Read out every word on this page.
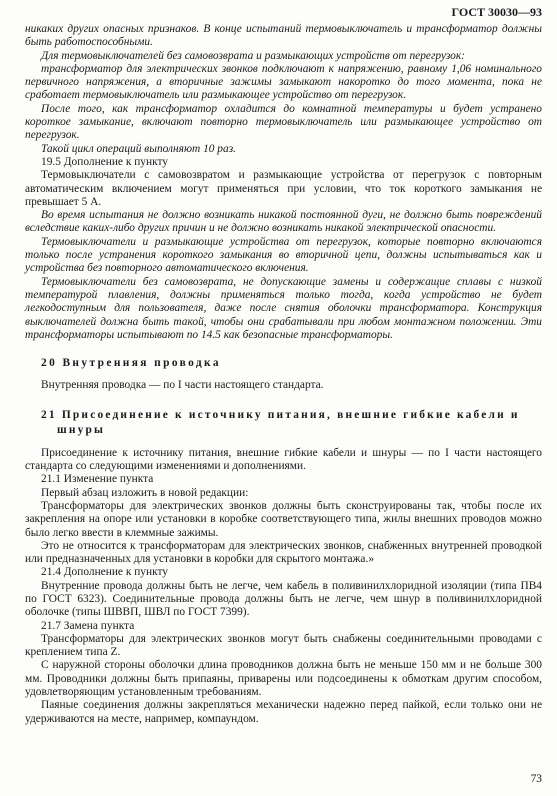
ГОСТ 30030—93

никаких других опасных признаков. В конце испытаний термовыключатель и трансформатор должны быть работоспособными.

Для термовыключателей без самовозврата и размыкающих устройств от перегрузок:

трансформатор для электрических звонков подключают к напряжению, равному 1,06 номинального первичного напряжения, а вторичные зажимы замыкают накоротко до того момента, пока не сработает термовыключатель или размыкающее устройство от перегрузок.

После того, как трансформатор охладится до комнатной температуры и будет устранено короткое замыкание, включают повторно термовыключатель или размыкающее устройство от перегрузок.

Такой цикл операций выполняют 10 раз.

19.5 Дополнение к пункту

Термовыключатели с самовозвратом и размыкающие устройства от перегрузок с повторным автоматическим включением могут применяться при условии, что ток короткого замыкания не превышает 5 А.

Во время испытания не должно возникать никакой постоянной дуги, не должно быть повреждений вследствие каких-либо других причин и не должно возникать никакой электрической опасности.

Термовыключатели и размыкающие устройства от перегрузок, которые повторно включаются только после устранения короткого замыкания во вторичной цепи, должны испытываться как и устройства без повторного автоматического включения.

Термовыключатели без самовозврата, не допускающие замены и содержащие сплавы с низкой температурой плавления, должны применяться только тогда, когда устройство не будет легкодоступным для пользователя, даже после снятия оболочки трансформатора. Конструкция выключателей должна быть такой, чтобы они срабатывали при любом монтажном положении. Эти трансформаторы испытывают по 14.5 как безопасные трансформаторы.

20 Внутренняя проводка

Внутренняя проводка — по I части настоящего стандарта.

21 Присоединение к источнику питания, внешние гибкие кабели и шнуры

Присоединение к источнику питания, внешние гибкие кабели и шнуры — по I части настоящего стандарта со следующими изменениями и дополнениями.

21.1 Изменение пункта

Первый абзац изложить в новой редакции:

Трансформаторы для электрических звонков должны быть сконструированы так, чтобы после их закрепления на опоре или установки в коробке соответствующего типа, жилы внешних проводов можно было легко ввести в клеммные зажимы.

Это не относится к трансформаторам для электрических звонков, снабженных внутренней проводкой или предназначенных для установки в коробки для скрытого монтажа.»

21.4 Дополнение к пункту

Внутренние провода должны быть не легче, чем кабель в поливинилхлоридной изоляции (типа ПВ4 по ГОСТ 6323). Соединительные провода должны быть не легче, чем шнур в поливинилхлоридной оболочке (типы ШВВП, ШВЛ по ГОСТ 7399).

21.7 Замена пункта

Трансформаторы для электрических звонков могут быть снабжены соединительными проводами с креплением типа Z.

С наружной стороны оболочки длина проводников должна быть не меньше 150 мм и не больше 300 мм. Проводники должны быть припаяны, приварены или подсоединены к обмоткам другим способом, удовлетворяющим установленным требованиям.

Паяные соединения должны закрепляться механически надежно перед пайкой, если только они не удерживаются на месте, например, компаундом.

73
